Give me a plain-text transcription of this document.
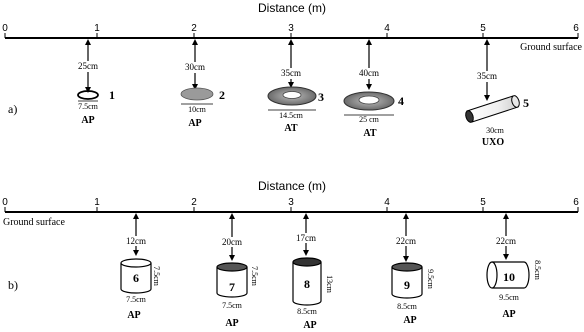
Distance (m)
0	1	2	3	4	5	6
Ground surface
a)
25cm
7.5cm
1
AP
30cm
10cm
2
AP
35cm
14.5cm
3
AT
40cm
25 cm
4
AT
35cm
5
30cm
UXO
Distance (m)
0	1	2	3	4	5	6
Ground surface
b)
12cm
6 7.5cm
7.5cm
AP
20cm
7
7.5cm
7.5cm
AP
17cm
8 13cm
8.5cm
AP
22cm
9 9.5cm
8.5cm
AP
22cm
10 8.5cm
9.5cm
AP
